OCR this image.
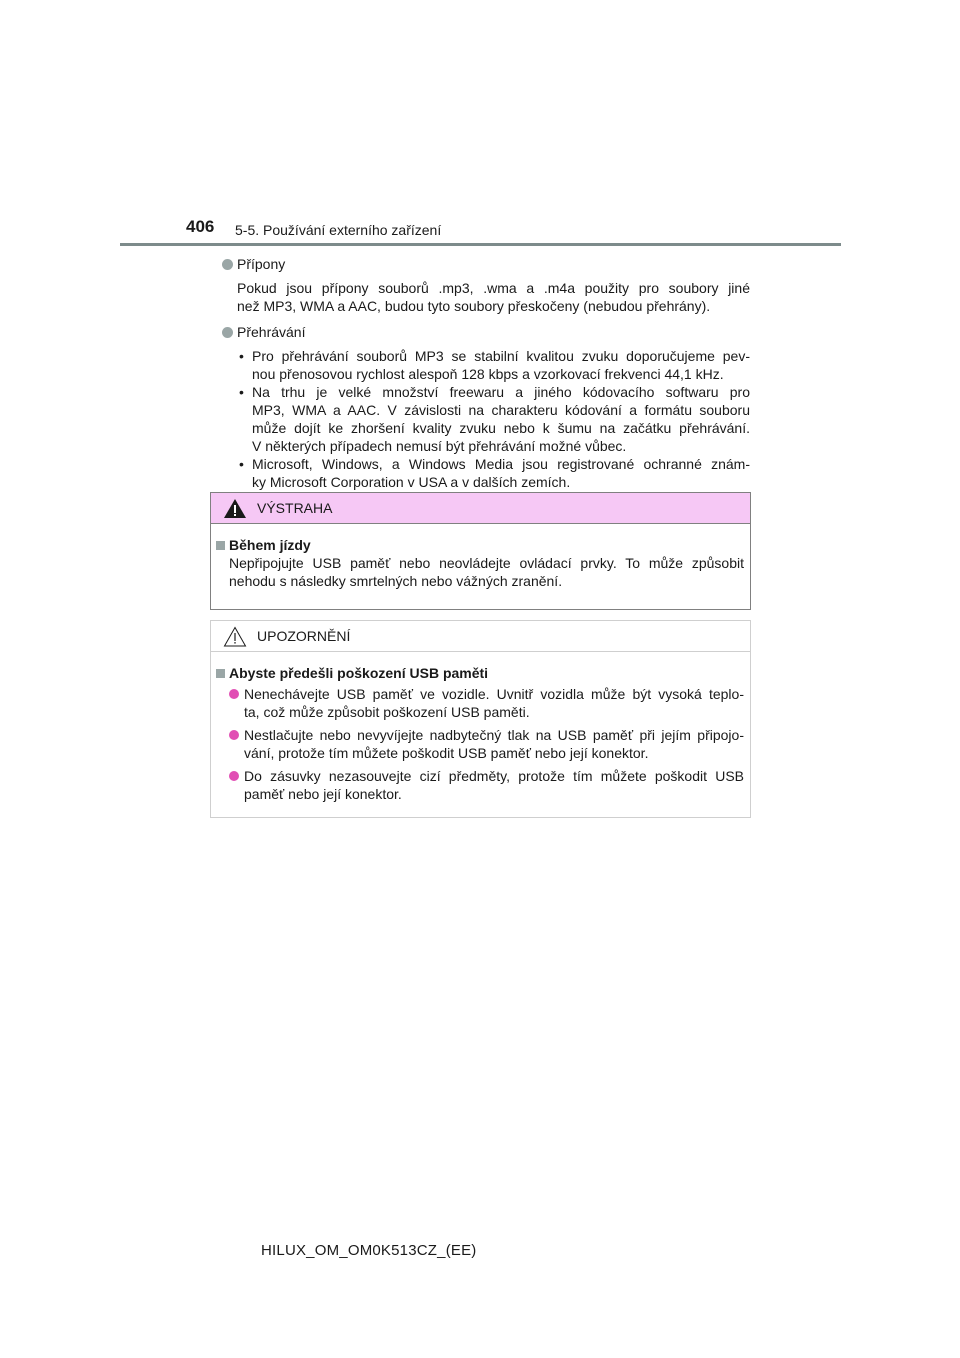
406 5-5. Používání externího zařízení
Přípony
Pokud jsou přípony souborů .mp3, .wma a .m4a použity pro soubory jiné
než MP3, WMA a AAC, budou tyto soubory přeskočeny (nebudou přehrány).
Přehrávání
• Pro přehrávání souborů MP3 se stabilní kvalitou zvuku doporučujeme pev-
nou přenosovou rychlost alespoň 128 kbps a vzorkovací frekvenci 44,1 kHz.
• Na trhu je velké množství freewaru a jiného kódovacího softwaru pro
MP3, WMA a AAC. V závislosti na charakteru kódování a formátu souboru
může dojít ke zhoršení kvality zvuku nebo k šumu na začátku přehrávání.
V některých případech nemusí být přehrávání možné vůbec.
• Microsoft, Windows, a Windows Media jsou registrované ochranné znám-
ky Microsoft Corporation v USA a v dalších zemích.
VÝSTRAHA
Během jízdy
Nepřipojujte USB paměť nebo neovládejte ovládací prvky. To může způsobit
nehodu s následky smrtelných nebo vážných zranění.
UPOZORNĚNÍ
Abyste předešli poškození USB paměti
Nenechávejte USB paměť ve vozidle. Uvnitř vozidla může být vysoká teplo-
ta, což může způsobit poškození USB paměti.
Nestlačujte nebo nevyvíjejte nadbytečný tlak na USB paměť při jejím připojo-
vání, protože tím můžete poškodit USB paměť nebo její konektor.
Do zásuvky nezasouvejte cizí předměty, protože tím můžete poškodit USB
paměť nebo její konektor.
HILUX_OM_OM0K513CZ_(EE)
